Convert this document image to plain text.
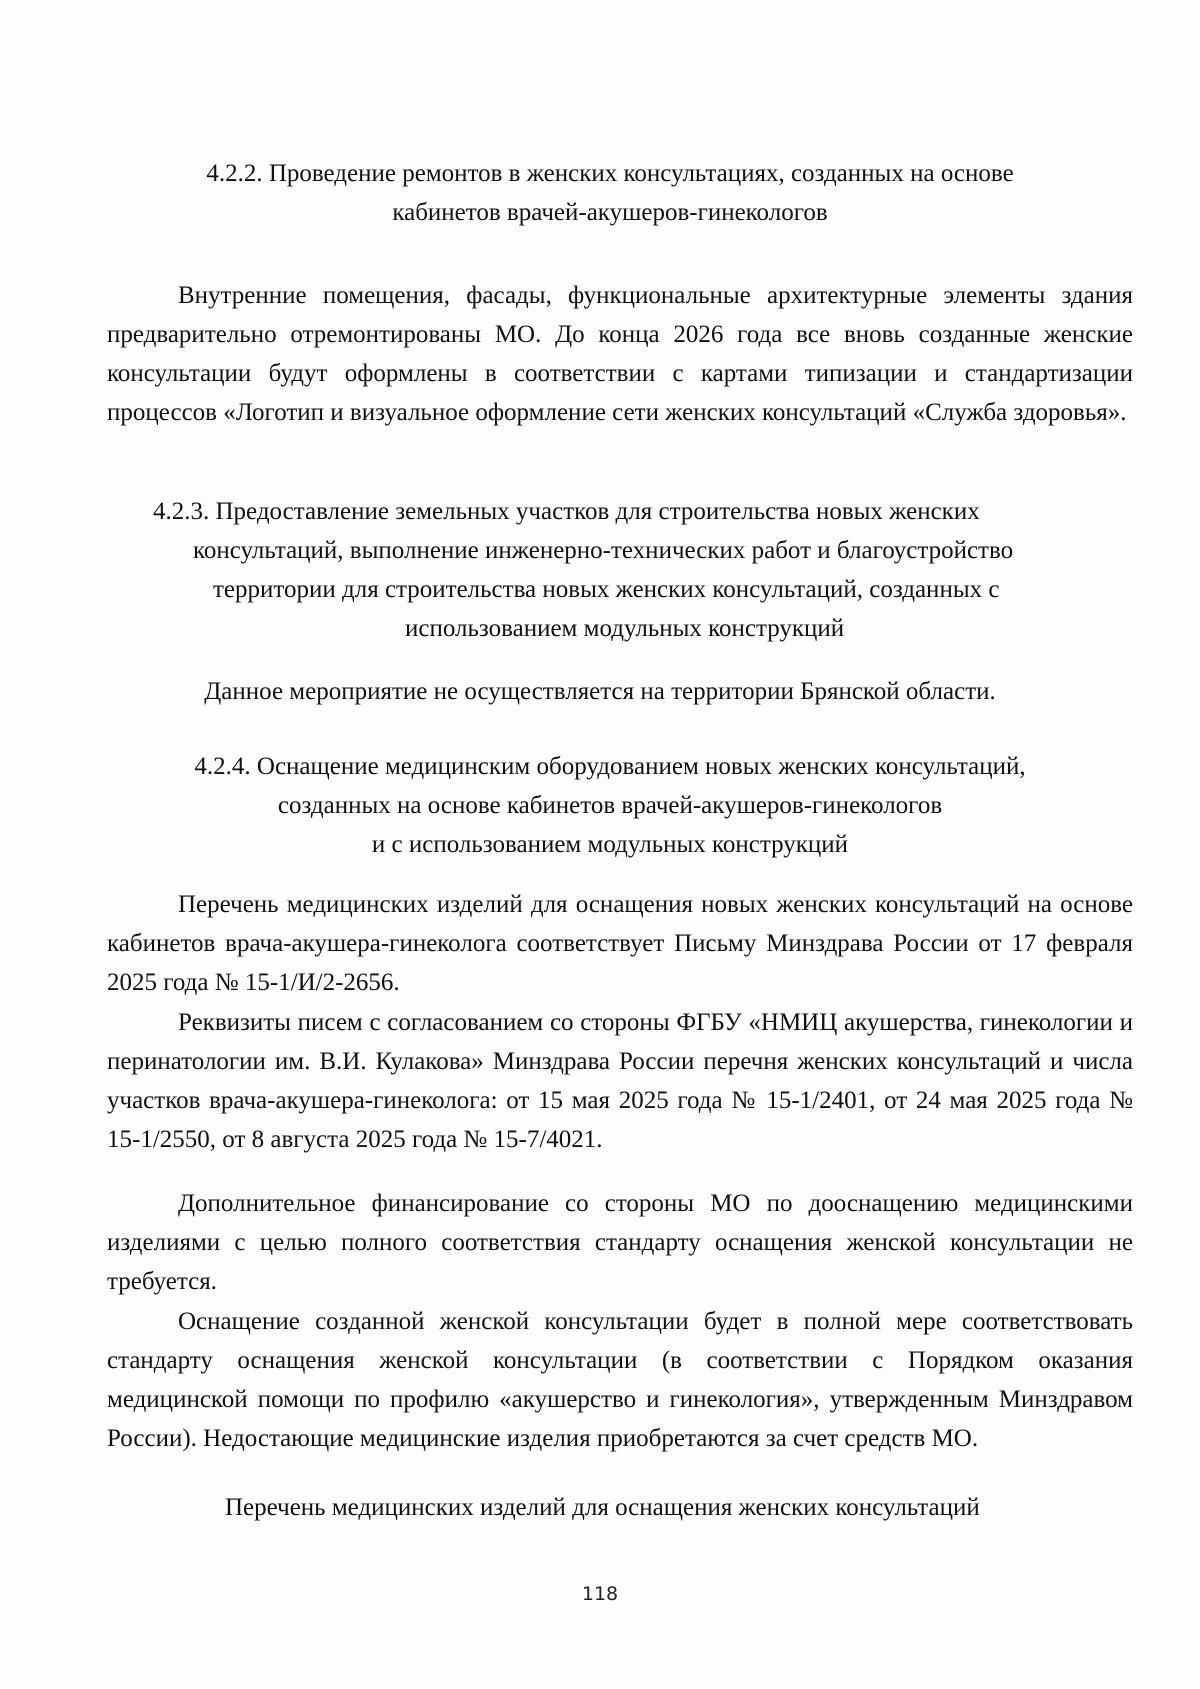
4.2.2. Проведение ремонтов в женских консультациях, созданных на основе
кабинетов врачей-акушеров-гинекологов

Внутренние помещения, фасады, функциональные архитектурные элементы здания предварительно отремонтированы МО. До конца 2026 года все вновь созданные женские консультации будут оформлены в соответствии с картами типизации и стандартизации процессов «Логотип и визуальное оформление сети женских консультаций «Служба здоровья».

4.2.3. Предоставление земельных участков для строительства новых женских
консультаций, выполнение инженерно-технических работ и благоустройство
территории для строительства новых женских консультаций, созданных с
использованием модульных конструкций

Данное мероприятие не осуществляется на территории Брянской области.

4.2.4. Оснащение медицинским оборудованием новых женских консультаций,
созданных на основе кабинетов врачей-акушеров-гинекологов
и с использованием модульных конструкций

Перечень медицинских изделий для оснащения новых женских консультаций на основе кабинетов врача-акушера-гинеколога соответствует Письму Минздрава России от 17 февраля 2025 года № 15-1/И/2-2656.

Реквизиты писем с согласованием со стороны ФГБУ «НМИЦ акушерства, гинекологии и перинатологии им. В.И. Кулакова» Минздрава России перечня женских консультаций и числа участков врача-акушера-гинеколога: от 15 мая 2025 года № 15-1/2401, от 24 мая 2025 года № 15-1/2550, от 8 августа 2025 года № 15-7/4021.

Дополнительное финансирование со стороны МО по дооснащению медицинскими изделиями с целью полного соответствия стандарту оснащения женской консультации не требуется.

Оснащение созданной женской консультации будет в полной мере соответствовать стандарту оснащения женской консультации (в соответствии с Порядком оказания медицинской помощи по профилю «акушерство и гинекология», утвержденным Минздравом России). Недостающие медицинские изделия приобретаются за счет средств МО.

Перечень медицинских изделий для оснащения женских консультаций

118
